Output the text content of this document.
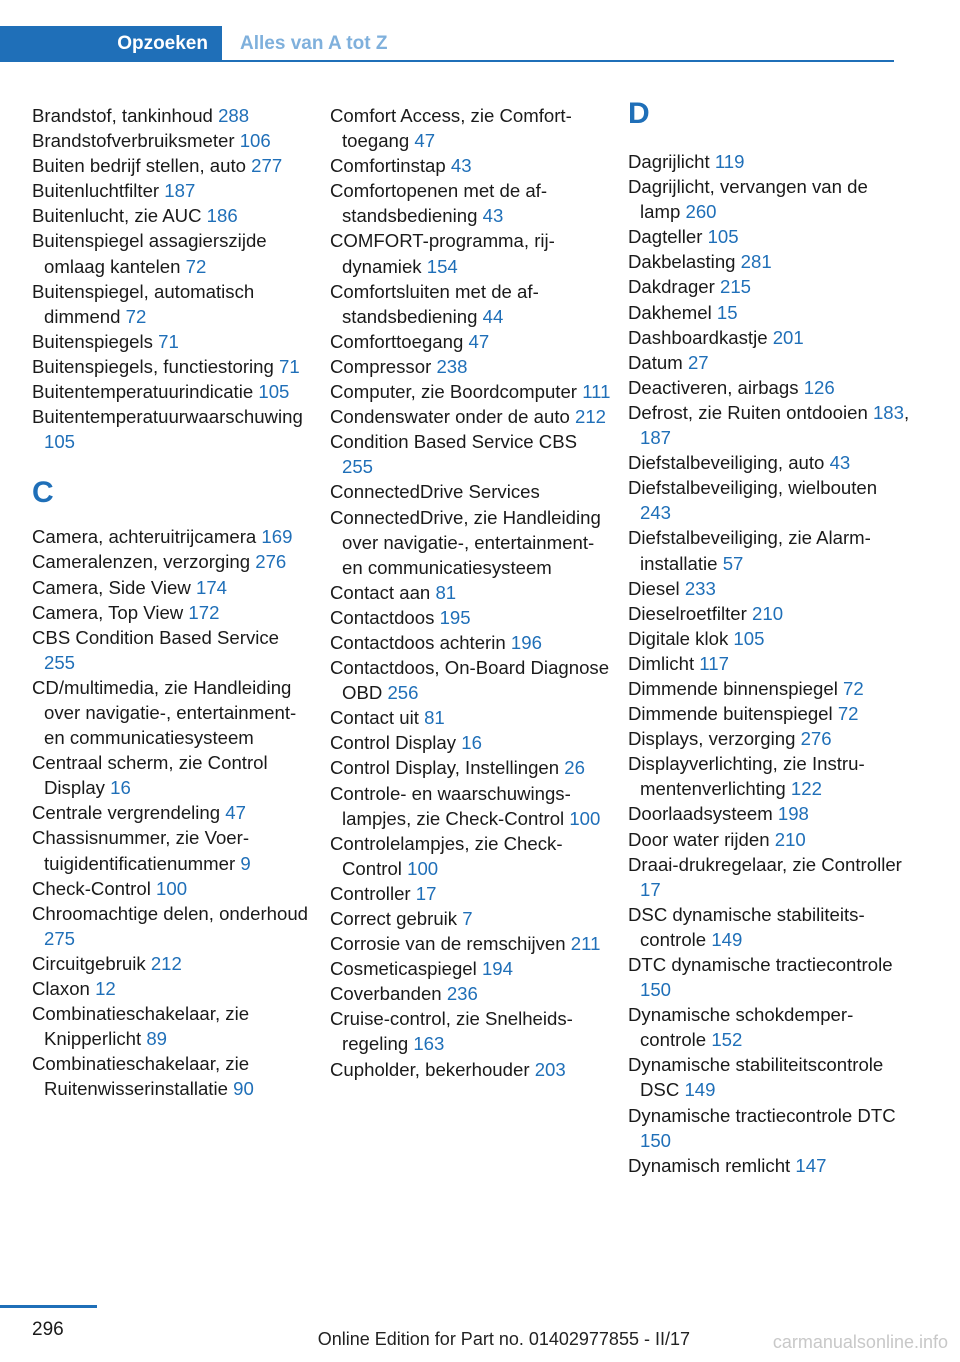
Opzoeken	Alles van A tot Z
Brandstof, tankinhoud 288
Brandstofverbruiksmeter 106
Buiten bedrijf stellen, auto 277
Buitenluchtfilter 187
Buitenlucht, zie AUC 186
Buitenspiegel assagierszijde omlaag kantelen 72
Buitenspiegel, automatisch dimmend 72
Buitenspiegels 71
Buitenspiegels, functiestoring 71
Buitentemperatuurindicatie 105
Buitentemperatuurwaarschuwing 105
C
Camera, achteruitrijcamera 169
Cameralenzen, verzorging 276
Camera, Side View 174
Camera, Top View 172
CBS Condition Based Service 255
CD/multimedia, zie Handleiding over navigatie-, entertainment- en communicatiesysteem
Centraal scherm, zie Control Display 16
Centrale vergrendeling 47
Chassisnummer, zie Voertuigidentificatienummer 9
Check-Control 100
Chroomachtige delen, onderhoud 275
Circuitgebruik 212
Claxon 12
Combinatieschakelaar, zie Knipperlicht 89
Combinatieschakelaar, zie Ruitenwisserinstallatie 90
Comfort Access, zie Comforttoegang 47
Comfortinstap 43
Comfortopenen met de afstandsbediening 43
COMFORT-programma, rijdynamiek 154
Comfortsluiten met de afstandsbediening 44
Comforttoegang 47
Compressor 238
Computer, zie Boordcomputer 111
Condenswater onder de auto 212
Condition Based Service CBS 255
ConnectedDrive Services
ConnectedDrive, zie Handleiding over navigatie-, entertainment- en communicatiesysteem
Contact aan 81
Contactdoos 195
Contactdoos achterin 196
Contactdoos, On-Board Diagnose OBD 256
Contact uit 81
Control Display 16
Control Display, Instellingen 26
Controle- en waarschuwingslampjes, zie Check-Control 100
Controlelampjes, zie Check-Control 100
Controller 17
Correct gebruik 7
Corrosie van de remschijven 211
Cosmeticaspiegel 194
Coverbanden 236
Cruise-control, zie Snelheidsregeling 163
Cupholder, bekerhouder 203
D
Dagrijlicht 119
Dagrijlicht, vervangen van de lamp 260
Dagteller 105
Dakbelasting 281
Dakdrager 215
Dakhemel 15
Dashboardkastje 201
Datum 27
Deactiveren, airbags 126
Defrost, zie Ruiten ontdooien 183, 187
Diefstalbeveiliging, auto 43
Diefstalbeveiliging, wielbouten 243
Diefstalbeveiliging, zie Alarminstallatie 57
Diesel 233
Dieselroetfilter 210
Digitale klok 105
Dimlicht 117
Dimmende binnenspiegel 72
Dimmende buitenspiegel 72
Displays, verzorging 276
Displayverlichting, zie Instrumentenverlichting 122
Doorlaadsysteem 198
Door water rijden 210
Draai-drukregelaar, zie Controller 17
DSC dynamische stabiliteitscontrole 149
DTC dynamische tractiecontrole 150
Dynamische schokdempercontrole 152
Dynamische stabiliteitscontrole DSC 149
Dynamische tractiecontrole DTC 150
Dynamisch remlicht 147
296	Online Edition for Part no. 01402977855 - II/17	carmanualsonline.info
